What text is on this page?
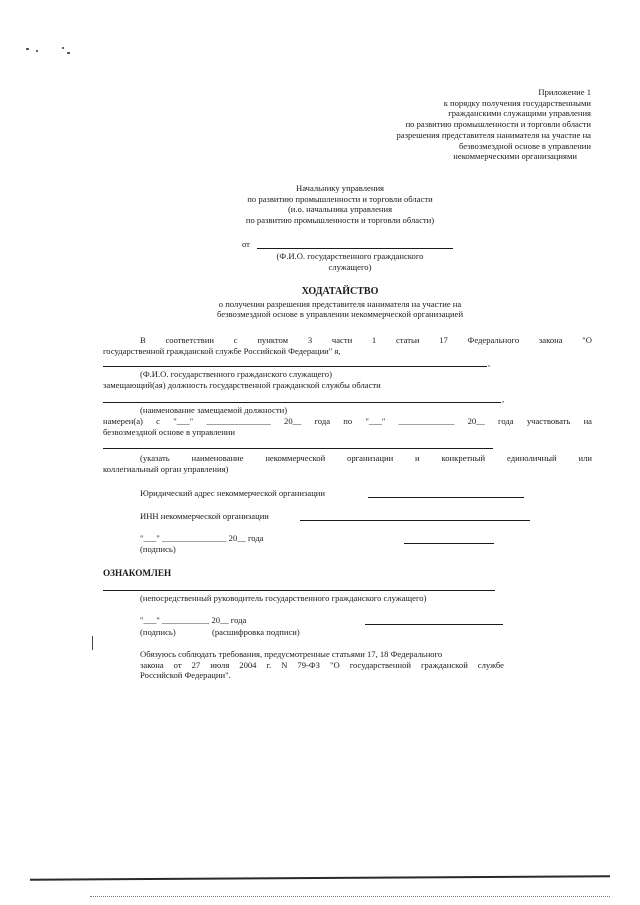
Приложение 1
к порядку получения государственными
гражданскими служащими управления
по развитию промышленности и торговли области
разрешения представителя нанимателя на участие на
безвозмездной основе в управлении
некоммерческими организациями
Начальнику управления
по развитию промышленности и торговли области
(и.о. начальника управления
по развитию промышленности и торговли области)
от
(Ф.И.О. государственного гражданского
служащего)
ХОДАТАЙСТВО
о получении разрешения представителя нанимателя на участие на
безвозмездной основе в управлении некоммерческой организацией
В соответствии с пунктом 3 части 1 статьи 17 Федерального закона "О
государственной гражданской службе Российской Федерации" я,
,
(Ф.И.О. государственного гражданского служащего)
замещающий(ая) должность государственной гражданской службы области
,
(наименование замещаемой должности)
намерен(а) с "___" _______________ 20__ года по "___" _____________ 20__ года участвовать на
безвозмездной основе в управлении
(указать наименование некоммерческой организации и конкретный единоличный или
коллегиальный орган управления)
Юридический адрес некоммерческой организации
ИНН некоммерческой организации
"___" _______________ 20__ года
(подпись)
ОЗНАКОМЛЕН
(непосредственный руководитель государственного гражданского служащего)
"___" ___________ 20__ года
(подпись)	(расшифровка подписи)
Обязуюсь соблюдать требования, предусмотренные статьями 17, 18 Федерального
закона от 27 июля 2004 г. N 79-ФЗ "О государственной гражданской службе
Российской Федерации".
